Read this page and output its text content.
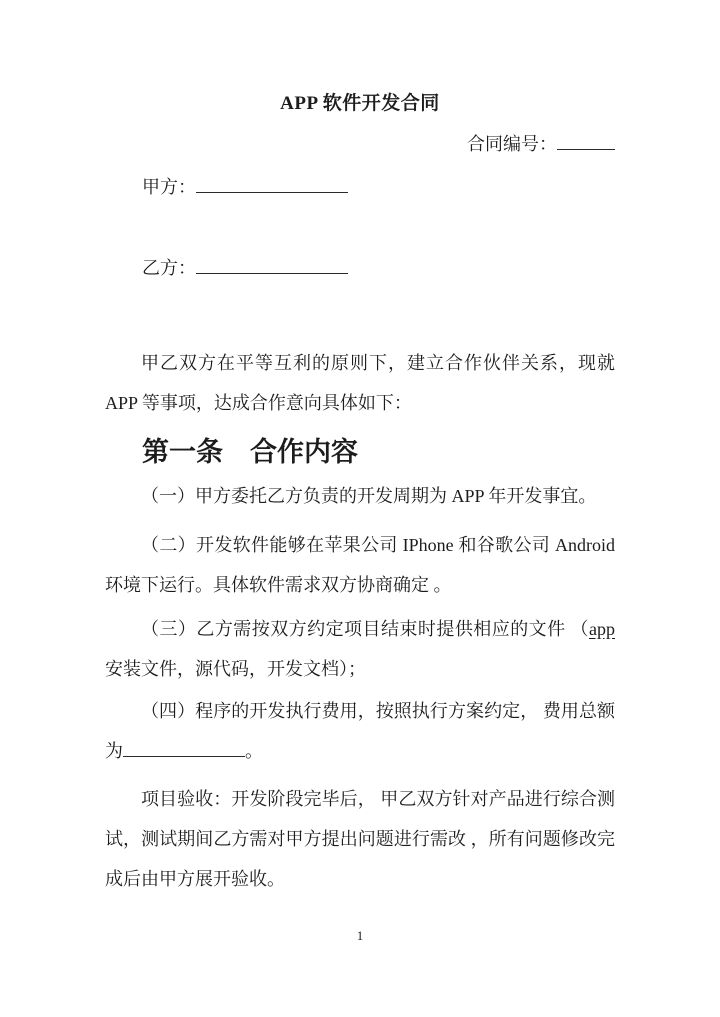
APP 软件开发合同
合同编号：
甲方：
乙方：

甲乙双方在平等互利的原则下，建立合作伙伴关系，现就 APP 等事项，达成合作意向具体如下：

第一条　合作内容

（一）甲方委托乙方负责的开发周期为 APP 年开发事宜。

（二）开发软件能够在苹果公司 IPhone 和谷歌公司 Android 环境下运行。具体软件需求双方协商确定 。

（三）乙方需按双方约定项目结束时提供相应的文件 （app 安装文件，源代码，开发文档）；

（四）程序的开发执行费用，按照执行方案约定， 费用总额为	。

项目验收：开发阶段完毕后， 甲乙双方针对产品进行综合测试，测试期间乙方需对甲方提出问题进行需改 ，所有问题修改完成后由甲方展开验收。

1
